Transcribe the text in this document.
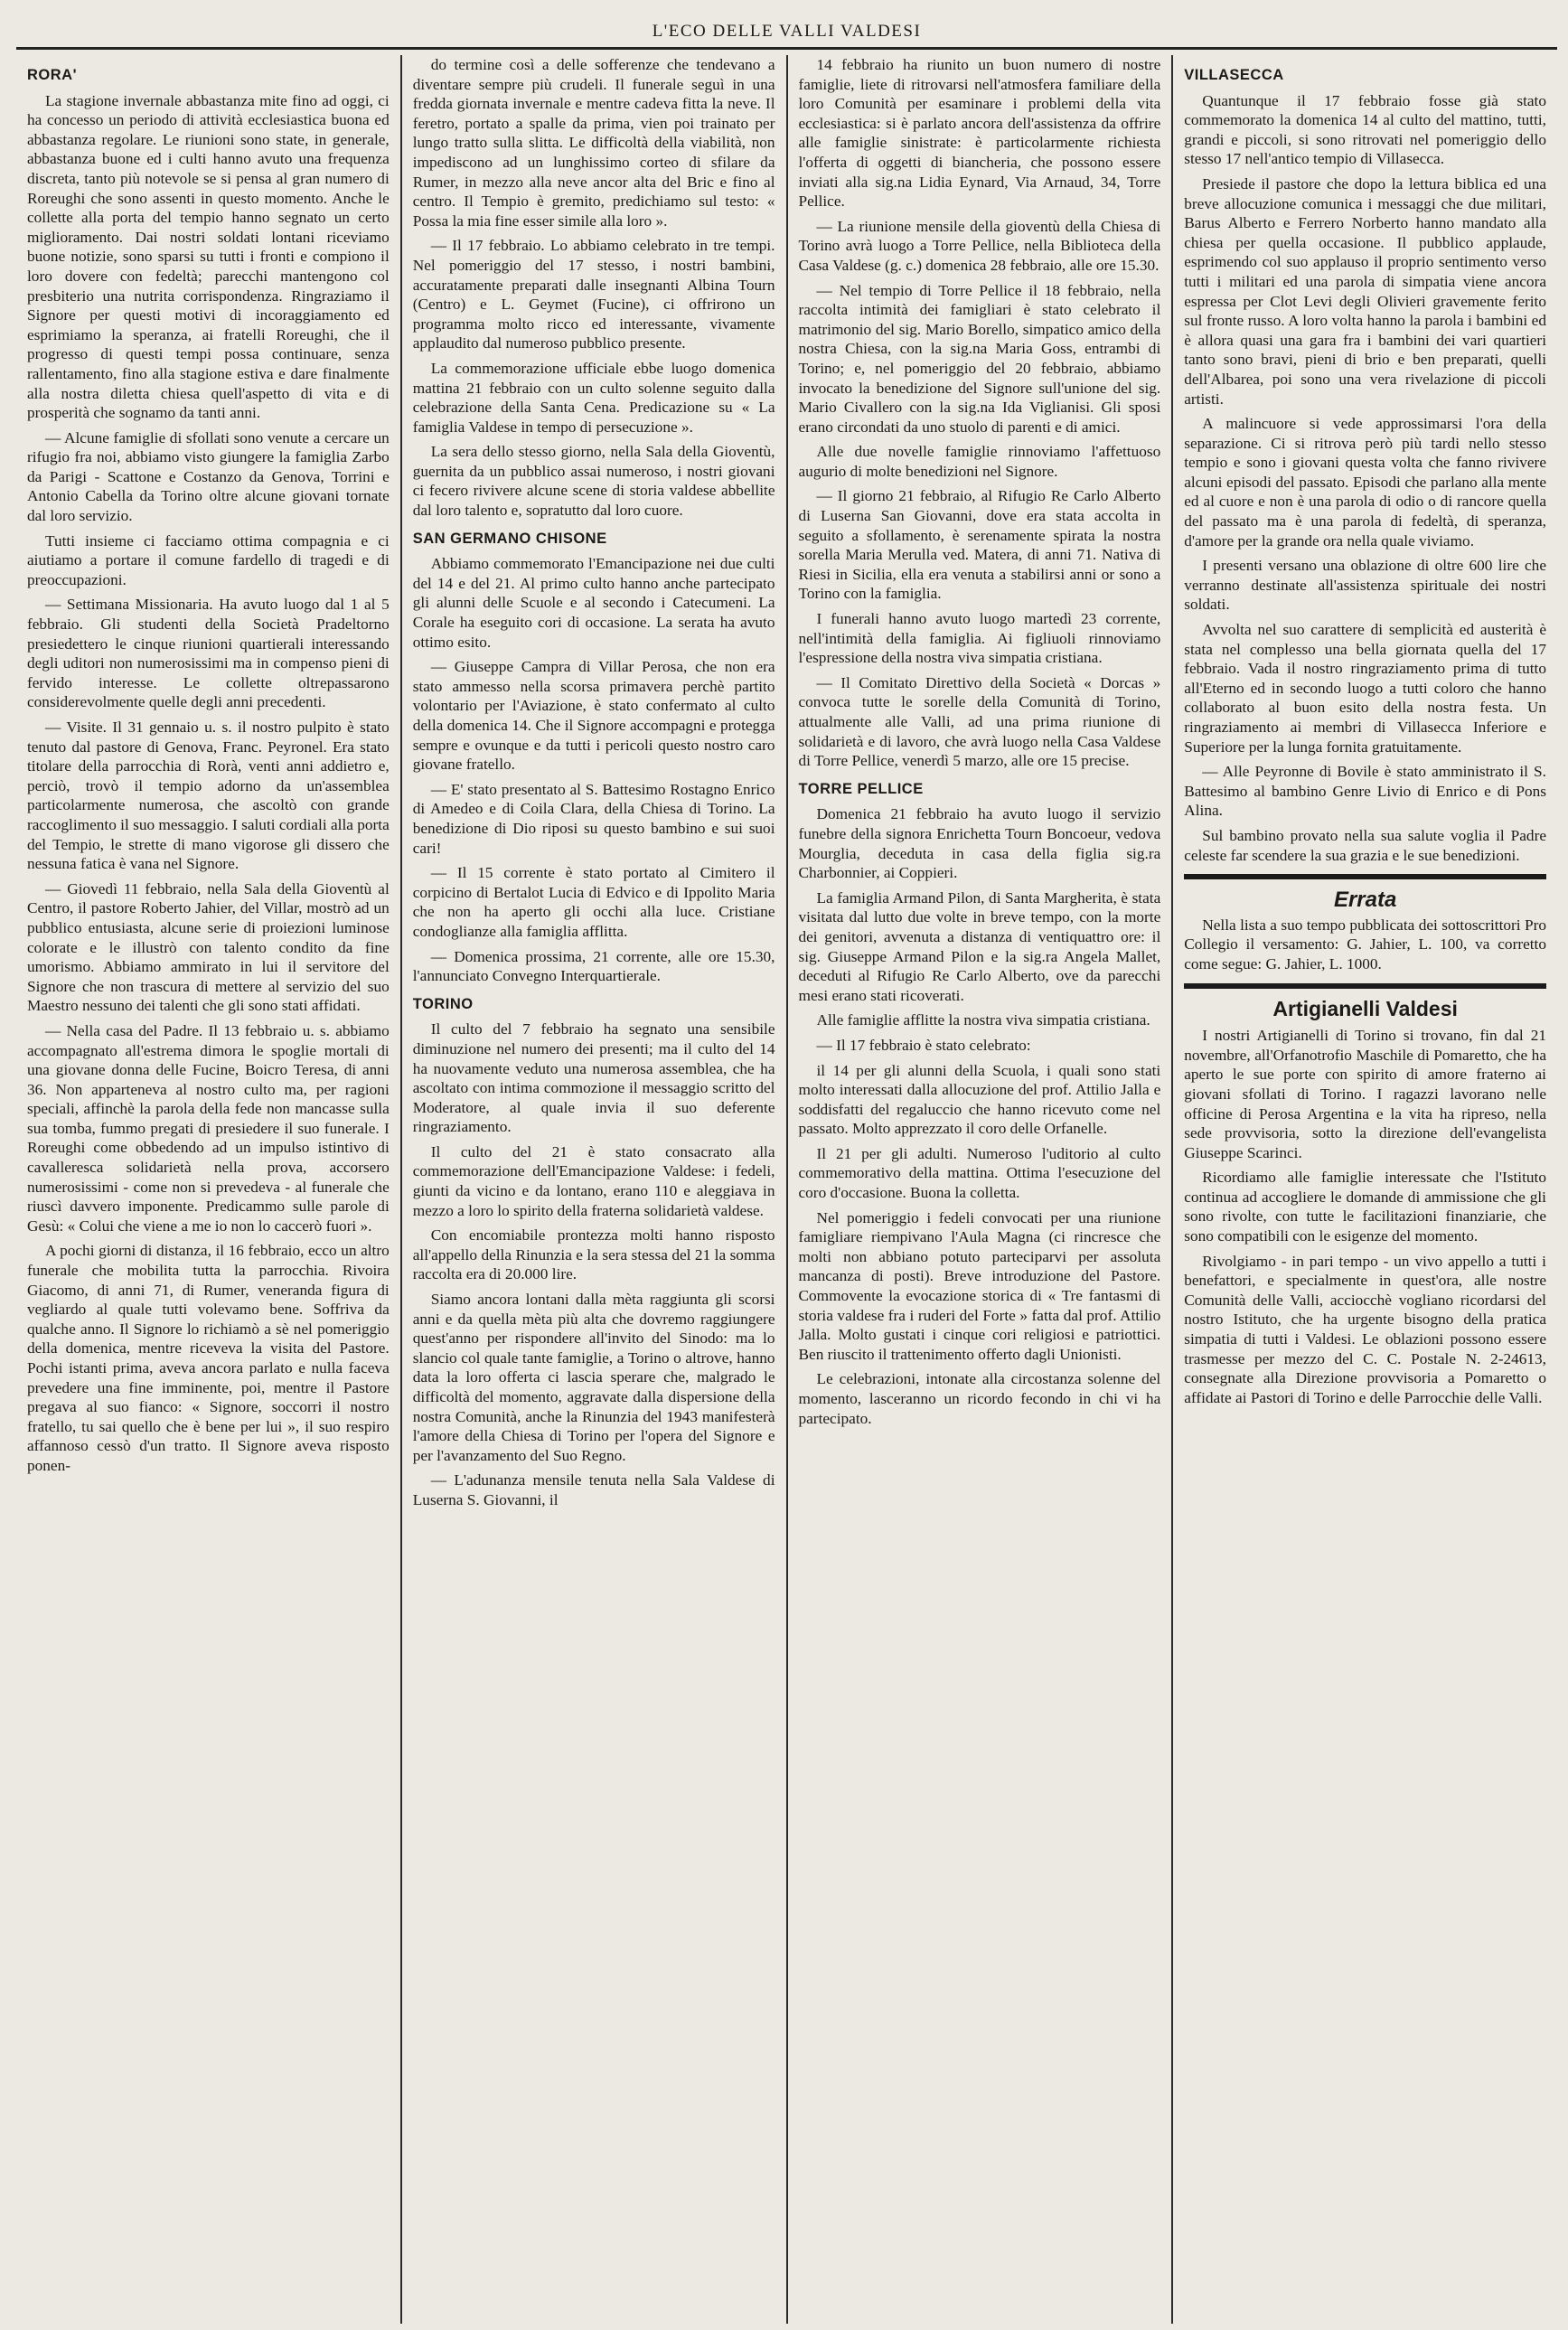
L'ECO DELLE VALLI VALDESI
RORA'

La stagione invernale abbastanza mite fino ad oggi, ci ha concesso un periodo di attività ecclesiastica buona ed abbastanza regolare. Le riunioni sono state, in generale, abbastanza buone ed i culti hanno avuto una frequenza discreta, tanto più notevole se si pensa al gran numero di Roreughi che sono assenti in questo momento. Anche le collette alla porta del tempio hanno segnato un certo miglioramento. Dai nostri soldati lontani riceviamo buone notizie, sono sparsi su tutti i fronti e compiono il loro dovere con fedeltà; parecchi mantengono col presbiterio una nutrita corrispondenza. Ringraziamo il Signore per questi motivi di incoraggiamento ed esprimiamo la speranza, ai fratelli Roreughi, che il progresso di questi tempi possa continuare, senza rallentamento, fino alla stagione estiva e dare finalmente alla nostra diletta chiesa quell'aspetto di vita e di prosperità che sognamo da tanti anni.

— Alcune famiglie di sfollati sono venute a cercare un rifugio fra noi, abbiamo visto giungere la famiglia Zarbo da Parigi - Scattone e Costanzo da Genova, Torrini e Antonio Cabella da Torino oltre alcune giovani tornate dal loro servizio.

Tutti insieme ci facciamo ottima compagnia e ci aiutiamo a portare il comune fardello di tragedi e di preoccupazioni.

— Settimana Missionaria. Ha avuto luogo dal 1 al 5 febbraio. Gli studenti della Società Pradeltorno presiedettero le cinque riunioni quartierali interessando degli uditori non numerosissimi ma in compenso pieni di fervido interesse. Le collette oltrepassarono considerevolmente quelle degli anni precedenti.

— Visite. Il 31 gennaio u. s. il nostro pulpito è stato tenuto dal pastore di Genova, Franc. Peyronel. Era stato titolare della parrocchia di Rorà, venti anni addietro e, perciò, trovò il tempio adorno da un'assemblea particolarmente numerosa, che ascoltò con grande raccoglimento il suo messaggio. I saluti cordiali alla porta del Tempio, le strette di mano vigorose gli dissero che nessuna fatica è vana nel Signore.

— Giovedì 11 febbraio, nella Sala della Gioventù al Centro, il pastore Roberto Jahier, del Villar, mostrò ad un pubblico entusiasta, alcune serie di proiezioni luminose colorate e le illustrò con talento condito da fine umorismo. Abbiamo ammirato in lui il servitore del Signore che non trascura di mettere al servizio del suo Maestro nessuno dei talenti che gli sono stati affidati.

— Nella casa del Padre. Il 13 febbraio u. s. abbiamo accompagnato all'estrema dimora le spoglie mortali di una giovane donna delle Fucine, Boicro Teresa, di anni 36. Non appartenevа al nostro culto ma, per ragioni speciali, affinchè la parola della fede non mancasse sulla sua tomba, fummo pregati di presiedere il suo funerale. I Roreughi come obbedendo ad un impulso istintivo di cavalleresca solidarietà nella prova, accorsero numerosissimi - come non si prevedeva - al funerale che riuscì davvero imponente. Predicammo sulle parole di Gesù: « Colui che viene a me io non lo caccerò fuori ».

A pochi giorni di distanza, il 16 febbraio, ecco un altro funerale che mobilita tutta la parrocchia. Rivoira Giacomo, di anni 71, di Rumer, veneranda figura di vegliardo al quale tutti volevamo bene. Soffriva da qualche anno. Il Signore lo richiamò a sè nel pomeriggio della domenica, mentre riceveva la visita del Pastore. Pochi istanti prima, aveva ancora parlato e nulla faceva prevedere una fine imminente, poi, mentre il Pastore pregava al suo fianco: « Signore, soccorri il nostro fratello, tu sai quello che è bene per lui », il suo respiro affannoso cessò d'un tratto. Il Signore aveva risposto ponen-

do termine così a delle sofferenze che tendevano a diventare sempre più crudeli. Il funerale seguì in una fredda giornata invernale e mentre cadeva fitta la neve. Il feretro, portato a spalle da prima, vien poi trainato per lungo tratto sulla slitta. Le difficoltà della viabilità, non impediscono ad un lunghissimo corteo di sfilare da Rumer, in mezzo alla neve ancor alta del Bric e fino al centro. Il Tempio è gremito, predichiamo sul testo: « Possa la mia fine esser simile alla loro ».

— Il 17 febbraio. Lo abbiamo celebrato in tre tempi. Nel pomeriggio del 17 stesso, i nostri bambini, accuratamente preparati dalle insegnanti Albina Tourn (Centro) e L. Geymet (Fucine), ci offrirono un programma molto ricco ed interessante, vivamente applaudito dal numeroso pubblico presente.

La commemorazione ufficiale ebbe luogo domenica mattina 21 febbraio con un culto solenne seguito dalla celebrazione della Santa Cena. Predicazione su « La famiglia Valdese in tempo di persecuzione ».

La sera dello stesso giorno, nella Sala della Gioventù, guernita da un pubblico assai numeroso, i nostri giovani ci fecero rivivere alcune scene di storia valdese abbellite dal loro talento e, sopratutto dal loro cuore.

SAN GERMANO CHISONE

Abbiamo commemorato l'Emancipazione nei due culti del 14 e del 21. Al primo culto hanno anche partecipato gli alunni delle Scuole e al secondo i Catecumeni. La Corale ha eseguito cori di occasione. La serata ha avuto ottimo esito.

— Giuseppe Campra di Villar Perosa, che non era stato ammesso nella scorsa primavera perchè partito volontario per l'Aviazione, è stato confermato al culto della domenica 14. Che il Signore accompagni e protegga sempre e ovunque e da tutti i pericoli questo nostro caro giovane fratello.

— E' stato presentato al S. Battesimo Rostagno Enrico di Amedeo e di Coila Clara, della Chiesa di Torino. La benedizione di Dio riposi su questo bambino e sui suoi cari!

— Il 15 corrente è stato portato al Cimitero il corpicino di Bertalot Lucia di Edvico e di Ippolito Maria che non ha aperto gli occhi alla luce. Cristiane condoglianze alla famiglia afflitta.

— Domenica prossima, 21 corrente, alle ore 15.30, l'annunciato Convegno Interquartierale.

TORINO

Il culto del 7 febbraio ha segnato una sensibile diminuzione nel numero dei presenti; ma il culto del 14 ha nuovamente veduto una numerosa assemblea, che ha ascoltato con intima commozione il messaggio scritto del Moderatore, al quale invia il suo deferente ringraziamento.

Il culto del 21 è stato consacrato alla commemorazione dell'Emancipazione Valdese: i fedeli, giunti da vicino e da lontano, erano 110 e aleggiava in mezzo a loro lo spirito della fraterna solidarietà valdese.

Con encomiabile prontezza molti hanno risposto all'appello della Rinunzia e la sera stessa del 21 la somma raccolta era di 20.000 lire.

Siamo ancora lontani dalla mèta raggiunta gli scorsi anni e da quella mèta più alta che dovremo raggiungere quest'anno per rispondere all'invito del Sinodo: ma lo slancio col quale tante famiglie, a Torino o altrove, hanno data la loro offerta ci lascia sperare che, malgrado le difficoltà del momento, aggravate dalla dispersione della nostra Comunità, anche la Rinunzia del 1943 manifesterà l'amore della Chiesa di Torino per l'opera del Signore e per l'avanzamento del Suo Regno.

— L'adunanza mensile tenuta nella Sala Valdese di Luserna S. Giovanni, il

14 febbraio ha riunito un buon numero di nostre famiglie, liete di ritrovarsi nell'atmosfera familiare della loro Comunità per esaminare i problemi della vita ecclesiastica: si è parlato ancora dell'assistenza da offrire alle famiglie sinistrate: è particolarmente richiesta l'offerta di oggetti di biancheria, che possono essere inviati alla sig.na Lidia Eynard, Via Arnaud, 34, Torre Pellice.

— La riunione mensile della gioventù della Chiesa di Torino avrà luogo a Torre Pellice, nella Biblioteca della Casa Valdese (g. c.) domenica 28 febbraio, alle ore 15.30.

— Nel tempio di Torre Pellice il 18 febbraio, nella raccolta intimità dei famigliari è stato celebrato il matrimonio del sig. Mario Borello, simpatico amico della nostra Chiesa, con la sig.na Maria Goss, entrambi di Torino; e, nel pomeriggio del 20 febbraio, abbiamo invocato la benedizione del Signore sull'unione del sig. Mario Civallero con la sig.na Ida Viglianisi. Gli sposi erano circondati da uno stuolo di parenti e di amici.

Alle due novelle famiglie rinnoviamo l'affettuoso augurio di molte benedizioni nel Signore.

— Il giorno 21 febbraio, al Rifugio Re Carlo Alberto di Luserna San Giovanni, dove era stata accolta in seguito a sfollamento, è serenamente spirata la nostra sorella Maria Merulla ved. Matera, di anni 71. Nativa di Riesi in Sicilia, ella era venuta a stabilirsi anni or sono a Torino con la famiglia.

I funerali hanno avuto luogo martedì 23 corrente, nell'intimità della famiglia. Ai figliuoli rinnoviamo l'espressione della nostra viva simpatia cristiana.

— Il Comitato Direttivo della Società « Dorcas » convoca tutte le sorelle della Comunità di Torino, attualmente alle Valli, ad una prima riunione di solidarietà e di lavoro, che avrà luogo nella Casa Valdese di Torre Pellice, venerdì 5 marzo, alle ore 15 precise.

TORRE PELLICE

Domenica 21 febbraio ha avuto luogo il servizio funebre della signora Enrichetta Tourn Boncoeur, vedova Mourglia, deceduta in casa della figlia sig.ra Charbonnier, ai Coppieri.

La famiglia Armand Pilon, di Santa Margherita, è stata visitata dal lutto due volte in breve tempo, con la morte dei genitori, avvenuta a distanza di ventiquattro ore: il sig. Giuseppe Armand Pilon e la sig.ra Angela Mallet, deceduti al Rifugio Re Carlo Alberto, ove da parecchi mesi erano stati ricoverati.

Alle famiglie afflitte la nostra viva simpatia cristiana.

— Il 17 febbraio è stato celebrato:

il 14 per gli alunni della Scuola, i quali sono stati molto interessati dalla allocuzione del prof. Attilio Jalla e soddisfatti del regaluccio che hanno ricevuto come nel passato. Molto apprezzato il coro delle Orfanelle.

Il 21 per gli adulti. Numeroso l'uditorio al culto commemorativo della mattina. Ottima l'esecuzione del coro d'occasione. Buona la colletta.

Nel pomeriggio i fedeli convocati per una riunione famigliare riempivano l'Aula Magna (ci rincresce che molti non abbiano potuto parteciparvi per assoluta mancanza di posti). Breve introduzione del Pastore. Commovente la evocazione storica di « Tre fantasmi di storia valdese fra i ruderi del Forte » fatta dal prof. Attilio Jalla. Molto gustati i cinque cori religiosi e patriottici. Ben riuscito il trattenimento offerto dagli Unionisti.

Le celebrazioni, intonate alla circostanza solenne del momento, lasceranno un ricordo fecondo in chi vi ha partecipato.

VILLASECCA

Quantunque il 17 febbraio fosse già stato commemorato la domenica 14 al culto del mattino, tutti, grandi e piccoli, si sono ritrovati nel pomeriggio dello stesso 17 nell'antico tempio di Villasecca.

Presiede il pastore che dopo la lettura biblica ed una breve allocuzione comunica i messaggi che due militari, Barus Alberto e Ferrero Norberto hanno mandato alla chiesa per quella occasione. Il pubblico applaude, esprimendo col suo applauso il proprio sentimento verso tutti i militari ed una parola di simpatia viene ancora espressa per Clot Levi degli Olivieri gravemente ferito sul fronte russo. A loro volta hanno la parola i bambini ed è allora quasi una gara fra i bambini dei vari quartieri tanto sono bravi, pieni di brio e ben preparati, quelli dell'Albarea, poi sono una vera rivelazione di piccoli artisti.

A malincuore si vede approssimarsi l'ora della separazione. Ci si ritrova però più tardi nello stesso tempio e sono i giovani questa volta che fanno rivivere alcuni episodi del passato. Episodi che parlano alla mente ed al cuore e non è una parola di odio o di rancore quella del passato ma è una parola di fedeltà, di speranza, d'amore per la grande ora nella quale viviamo.

I presenti versano una oblazione di oltre 600 lire che verranno destinate all'assistenza spirituale dei nostri soldati.

Avvolta nel suo carattere di semplicità ed austerità è stata nel complesso una bella giornata quella del 17 febbraio. Vada il nostro ringraziamento prima di tutto all'Eterno ed in secondo luogo a tutti coloro che hanno collaborato al buon esito della nostra festa. Un ringraziamento ai membri di Villasecca Inferiore e Superiore per la lunga fornita gratuitamente.

— Alle Peyronne di Bovile è stato amministrato il S. Battesimo al bambino Genre Livio di Enrico e di Pons Alina.

Sul bambino provato nella sua salute voglia il Padre celeste far scendere la sua grazia e le sue benedizioni.

Errata

Nella lista a suo tempo pubblicata dei sottoscrittori Pro Collegio il versamento: G. Jahier, L. 100, va corretto come segue: G. Jahier, L. 1000.

Artigianelli Valdesi

I nostri Artigianelli di Torino si trovano, fin dal 21 novembre, all'Orfanotrofio Maschile di Pomaretto, che ha aperto le sue porte con spirito di amore fraterno ai giovani sfollati di Torino. I ragazzi lavorano nelle officine di Perosa Argentina e la vita ha ripreso, nella sede provvisoria, sotto la direzione dell'evangelista Giuseppe Scarinci.

Ricordiamo alle famiglie interessate che l'Istituto continua ad accogliere le domande di ammissione che gli sono rivolte, con tutte le facilitazioni finanziarie, che sono compatibili con le esigenze del momento.

Rivolgiamo - in pari tempo - un vivo appello a tutti i benefattori, e specialmente in quest'ora, alle nostre Comunità delle Valli, acciocchè vogliano ricordarsi del nostro Istituto, che ha urgente bisogno della pratica simpatia di tutti i Valdesi. Le oblazioni possono essere trasmesse per mezzo del C. C. Postale N. 2-24613, consegnate alla Direzione provvisoria a Pomaretto o affidate ai Pastori di Torino e delle Parrocchie delle Valli.
